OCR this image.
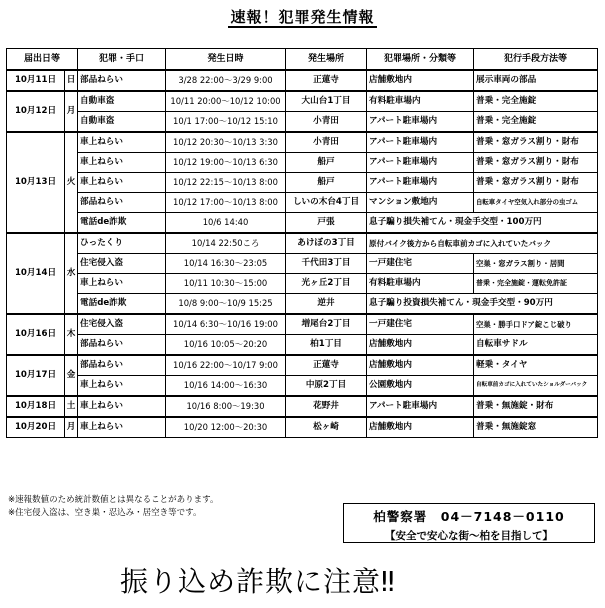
速報！犯罪発生情報
届出日等		犯罪・手口	発生日時	発生場所	犯罪場所・分類等	犯行手段方法等
10月11日	日	部品ねらい	3/28 22:00～3/29 9:00	正蓮寺	店舗敷地内	展示車両の部品
10月12日	月	自動車盗	10/11 20:00～10/12 10:00	大山台1丁目	有料駐車場内	普乗・完全施錠
		自動車盗	10/1 17:00～10/12 15:10	小青田	アパート駐車場内	普乗・完全施錠
10月13日	火	車上ねらい	10/12 20:30～10/13 3:30	小青田	アパート駐車場内	普乗・窓ガラス割り・財布
		車上ねらい	10/12 19:00～10/13 6:30	船戸	アパート駐車場内	普乗・窓ガラス割り・財布
		車上ねらい	10/12 22:15～10/13 8:00	船戸	アパート駐車場内	普乗・窓ガラス割り・財布
		部品ねらい	10/12 17:00～10/13 8:00	しいの木台4丁目	マンション敷地内	自転車タイヤ空気入れ部分の虫ゴム
		電話de詐欺	10/6 14:40	戸張	息子騙り損失補てん・現金手交型・100万円	
10月14日	水	ひったくり	10/14 22:50ころ	あけぼの3丁目	原付バイク後方から自転車前カゴに入れていたバック	
		住宅侵入盗	10/14 16:30～23:05	千代田3丁目	一戸建住宅	空巣・窓ガラス割り・居間
		車上ねらい	10/11 10:30～15:00	光ヶ丘2丁目	有料駐車場内	普乗・完全施錠・運転免許証
		電話de詐欺	10/8 9:00～10/9 15:25	逆井	息子騙り投資損失補てん・現金手交型・90万円	
10月16日	木	住宅侵入盗	10/14 6:30～10/16 19:00	増尾台2丁目	一戸建住宅	空巣・勝手口ドア錠こじ破り
		部品ねらい	10/16 10:05～20:20	柏1丁目	店舗敷地内	自転車サドル
10月17日	金	部品ねらい	10/16 22:00～10/17 9:00	正蓮寺	店舗敷地内	軽乗・タイヤ
		車上ねらい	10/16 14:00～16:30	中原2丁目	公園敷地内	自転車前カゴに入れていたショルダーバック
10月18日	土	車上ねらい	10/16 8:00～19:30	花野井	アパート駐車場内	普乗・無施錠・財布
10月20日	月	車上ねらい	10/20 12:00～20:30	松ヶ崎	店舗敷地内	普乗・無施錠窓
※速報数値のため統計数値とは異なることがあります。
※住宅侵入盗は、空き巣・忍込み・居空き等です。	柏警察署　04－7148－0110
【安全で安心な街～柏を目指して】
振り込め詐欺に注意‼
